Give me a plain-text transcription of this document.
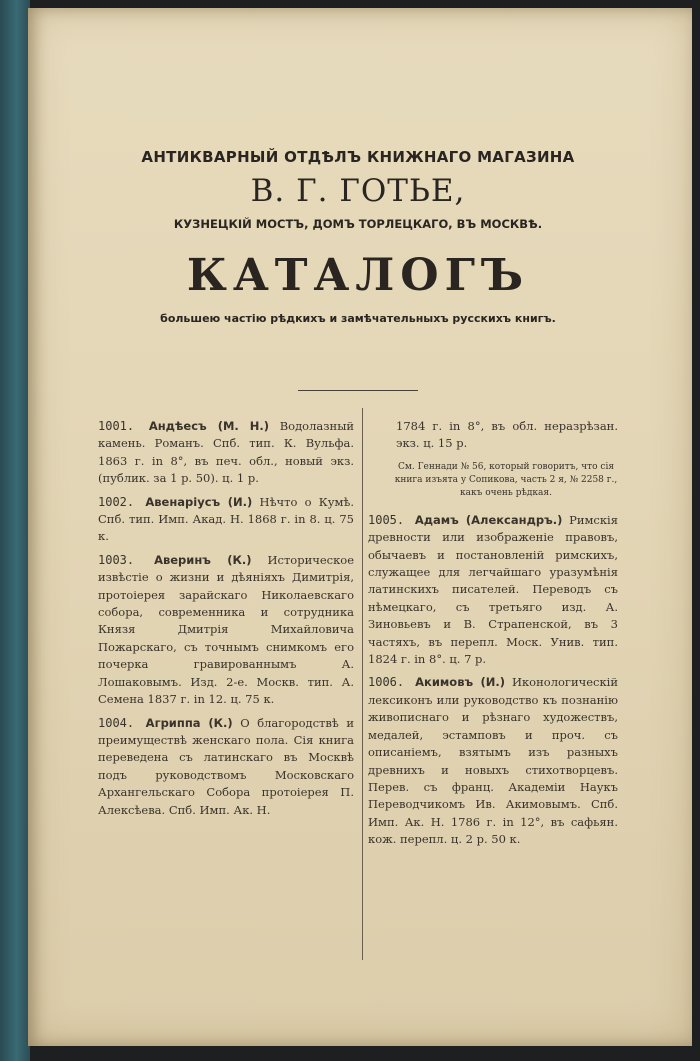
АНТИКВАРНЫЙ ОТДѢЛЪ КНИЖНАГО МАГАЗИНА

В. Г. ГОТЬЕ,

КУЗНЕЦКІЙ МОСТЪ, ДОМЪ ТОРЛЕЦКАГО, ВЪ МОСКВѢ.

КАТАЛОГЪ

большею частію рѣдкихъ и замѣчательныхъ русскихъ книгъ.

1001. Андѣесъ (М. Н.) Водолазный камень. Романъ. Спб. тип. К. Вульфа. 1863 г. in 8°, въ печ. обл., новый экз. (публик. за 1 р. 50). ц. 1 р.

1002. Авенаріусъ (И.) Нѣчто о Кумѣ. Спб. тип. Имп. Акад. Н. 1868 г. in 8. ц. 75 к.

1003. Аверинъ (К.) Историческое извѣстіе о жизни и дѣяніяхъ Димитрія, протоіерея зарайскаго Николаевскаго собора, современника и сотрудника Князя Дмитрія Михайловича Пожарскаго, съ точнымъ снимкомъ его почерка гравированнымъ А. Лошаковымъ. Изд. 2-е. Москв. тип. А. Семена 1837 г. in 12. ц. 75 к.

1004. Агриппа (К.) О благородствѣ и преимуществѣ женскаго пола. Сія книга переведена съ латинскаго въ Москвѣ подъ руководствомъ Московскаго Архангельскаго Собора протоіерея П. Алексѣева. Спб. Имп. Ак. Н.

1784 г. in 8°, въ обл. неразрѣзан. экз. ц. 15 р.

См. Геннади № 56, который говоритъ, что сія книга изъята у Сопикова, часть 2 я, № 2258 г., какъ очень рѣдкая.

1005. Адамъ (Александръ.) Римскія древности или изображеніе правовъ, обычаевъ и постановленій римскихъ, служащее для легчайшаго уразумѣнія латинскихъ писателей. Переводъ съ нѣмецкаго, съ третьяго изд. А. Зиновьевъ и В. Страпенской, въ 3 частяхъ, въ перепл. Моск. Унив. тип. 1824 г. in 8°. ц. 7 р.

1006. Акимовъ (И.) Иконологическій лексиконъ или руководство къ познанію живописнаго и рѣзнаго художествъ, медалей, эстамповъ и проч. съ описаніемъ, взятымъ изъ разныхъ древнихъ и новыхъ стихотворцевъ. Перев. съ франц. Академіи Наукъ Переводчикомъ Ив. Акимовымъ. Спб. Имп. Ак. Н. 1786 г. in 12°, въ сафьян. кож. перепл. ц. 2 р. 50 к.
